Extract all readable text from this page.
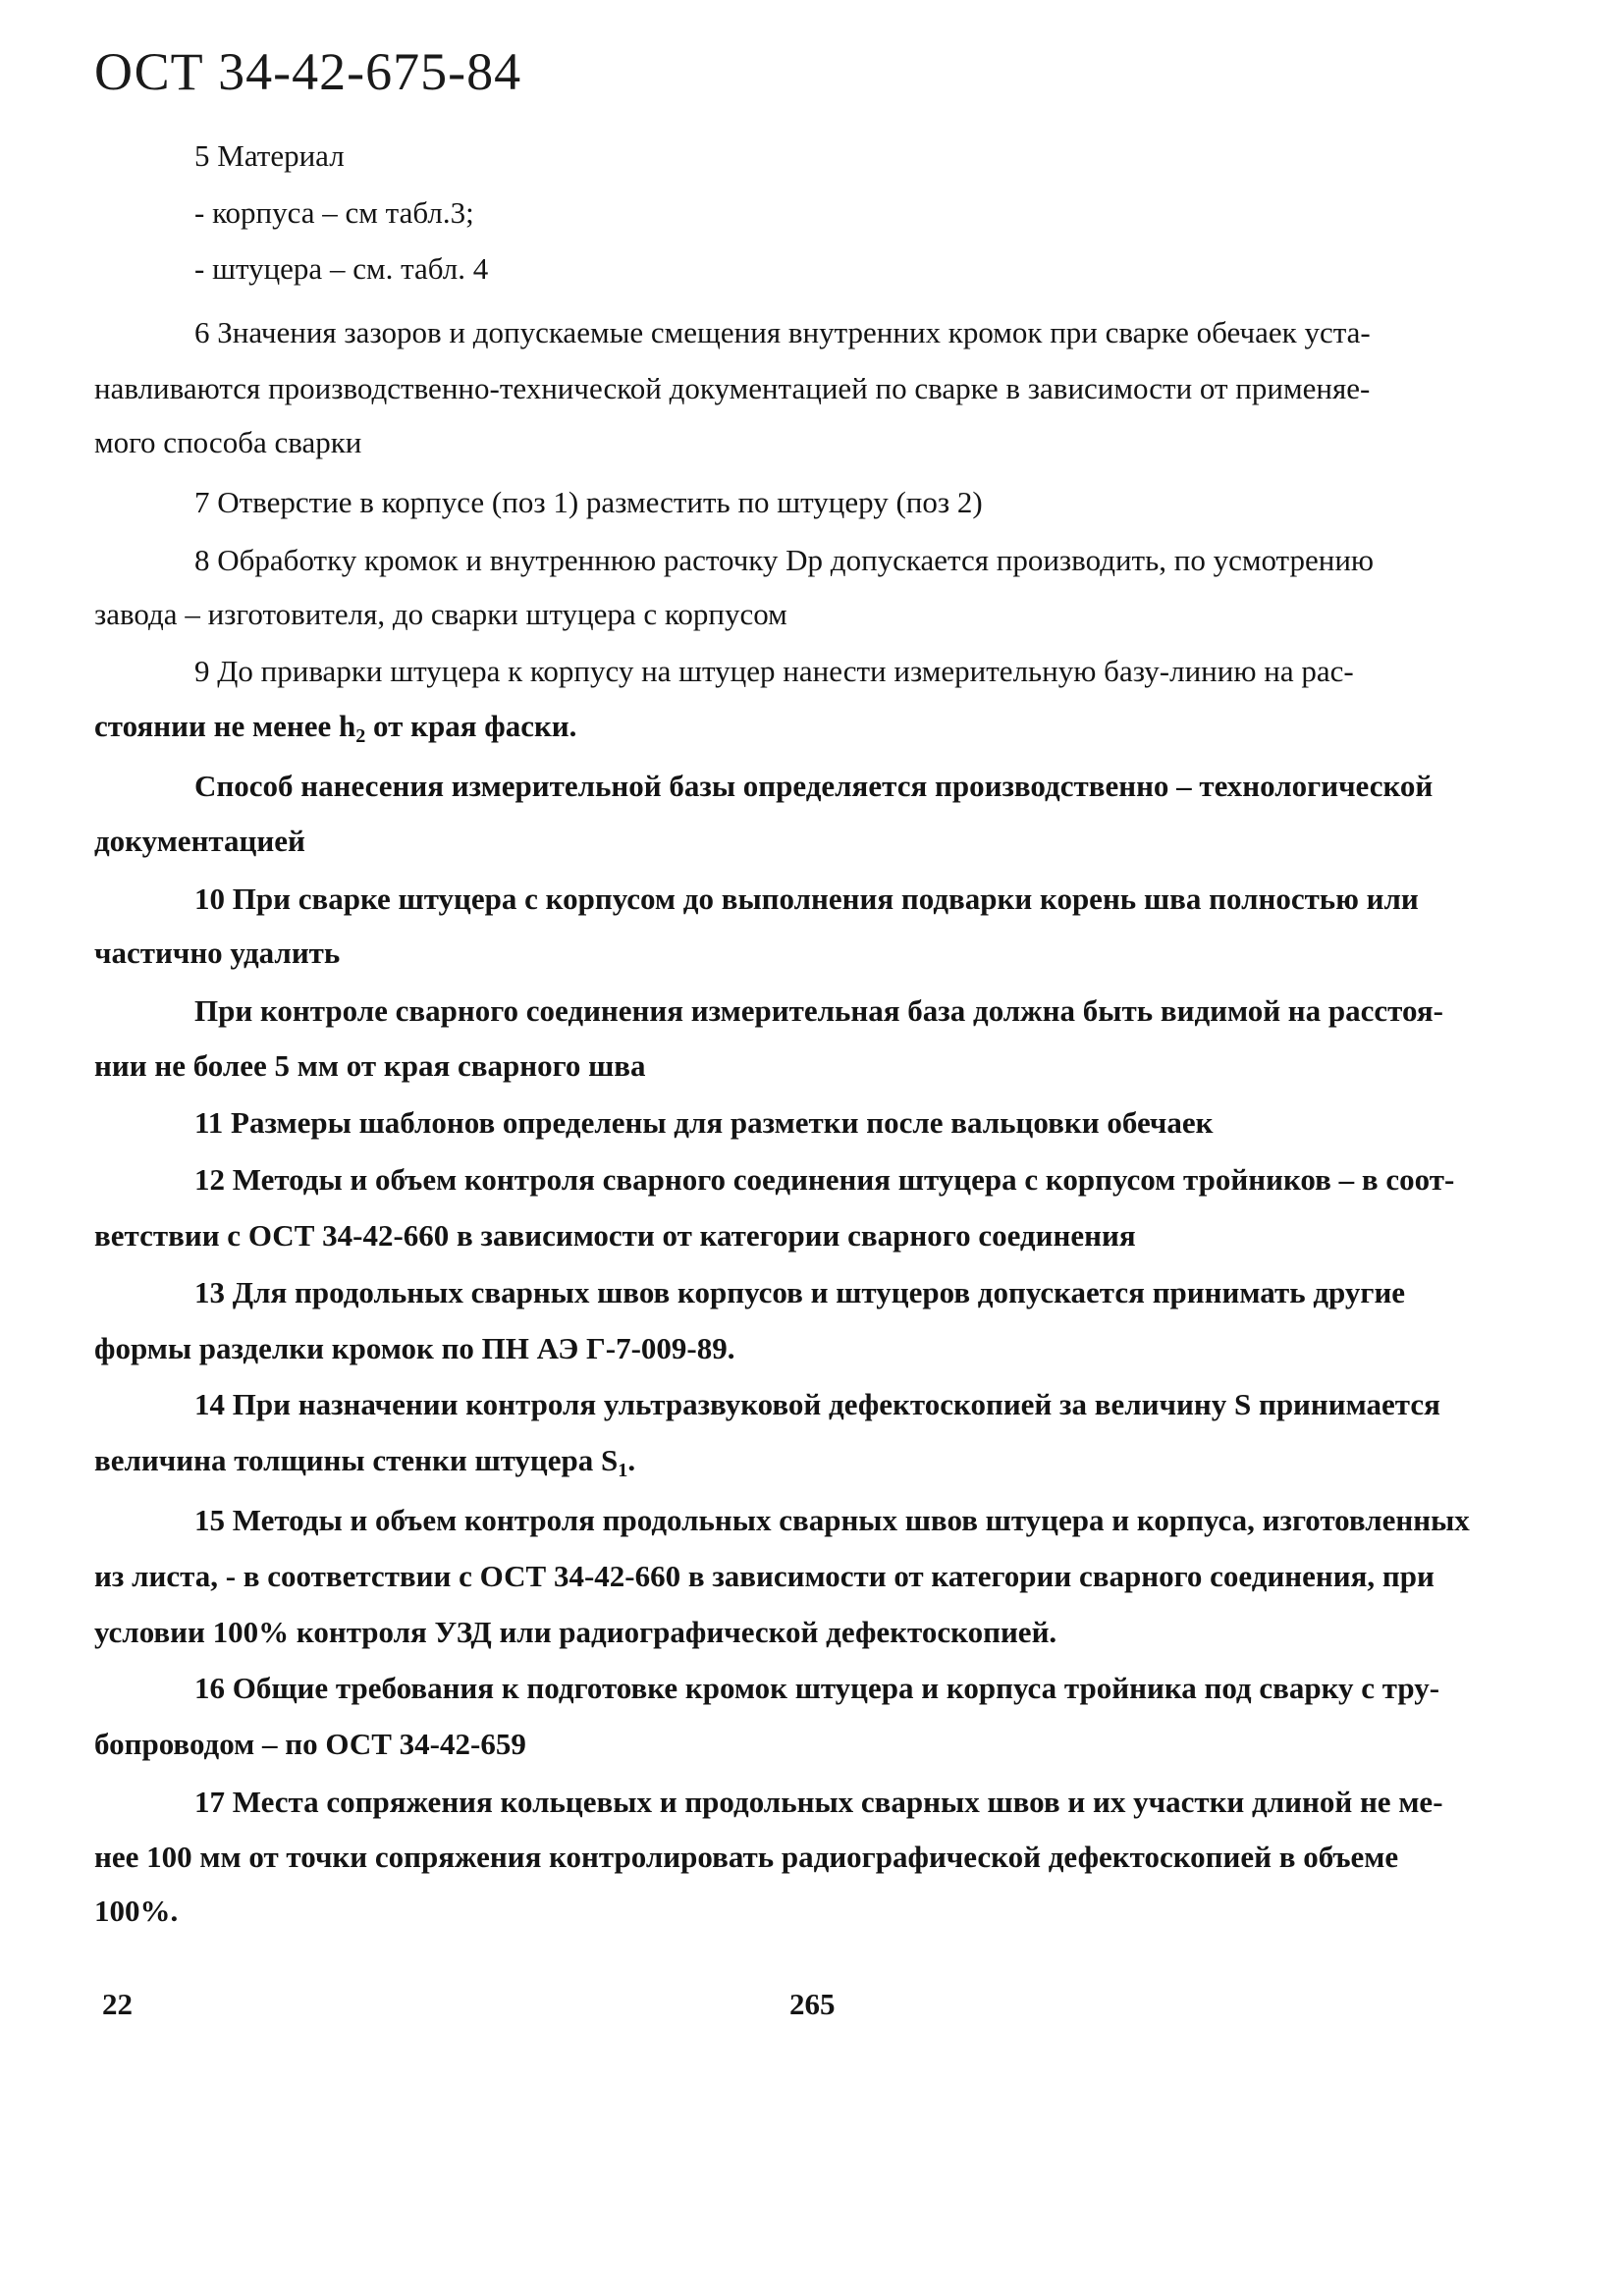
ОСТ 34-42-675-84
5 Материал
- корпуса – см табл.3;
- штуцера – см. табл. 4
6 Значения зазоров и допускаемые смещения внутренних кромок при сварке обечаек уста-
навливаются производственно-технической документацией по сварке в зависимости от применяе-
мого способа сварки
7 Отверстие в корпусе (поз 1) разместить по штуцеру (поз 2)
8 Обработку кромок и внутреннюю расточку Dр допускается производить, по усмотрению
завода – изготовителя, до сварки штуцера с корпусом
9 До приварки штуцера к корпусу на штуцер нанести измерительную базу-линию на рас-
стоянии не менее $h_2$ от края фаски.
Способ нанесения измерительной базы определяется производственно – технологической
документацией
10 При сварке штуцера с корпусом до выполнения подварки корень шва полностью или
частично удалить
При контроле сварного соединения измерительная база должна быть видимой на расстоя-
нии не более 5 мм от края сварного шва
11 Размеры шаблонов определены для разметки после вальцовки обечаек
12 Методы и объем контроля сварного соединения штуцера с корпусом тройников – в соот-
ветствии с ОСТ 34-42-660 в зависимости от категории сварного соединения
13 Для продольных сварных швов корпусов и штуцеров допускается принимать другие
формы разделки кромок по ПН АЭ Г-7-009-89.
14 При назначении контроля ультразвуковой дефектоскопией за величину S принимается
величина толщины стенки штуцера $S_1$.
15 Методы и объем контроля продольных сварных швов штуцера и корпуса, изготовленных
из листа, - в соответствии с ОСТ 34-42-660 в зависимости от категории сварного соединения, при
условии 100% контроля УЗД или радиографической дефектоскопией.
16 Общие требования к подготовке кромок штуцера и корпуса тройника под сварку с тру-
бопроводом – по ОСТ 34-42-659
17 Места сопряжения кольцевых и продольных сварных швов и их участки длиной не ме-
нее 100 мм от точки сопряжения контролировать радиографической дефектоскопией в объеме
100%.
22	265
